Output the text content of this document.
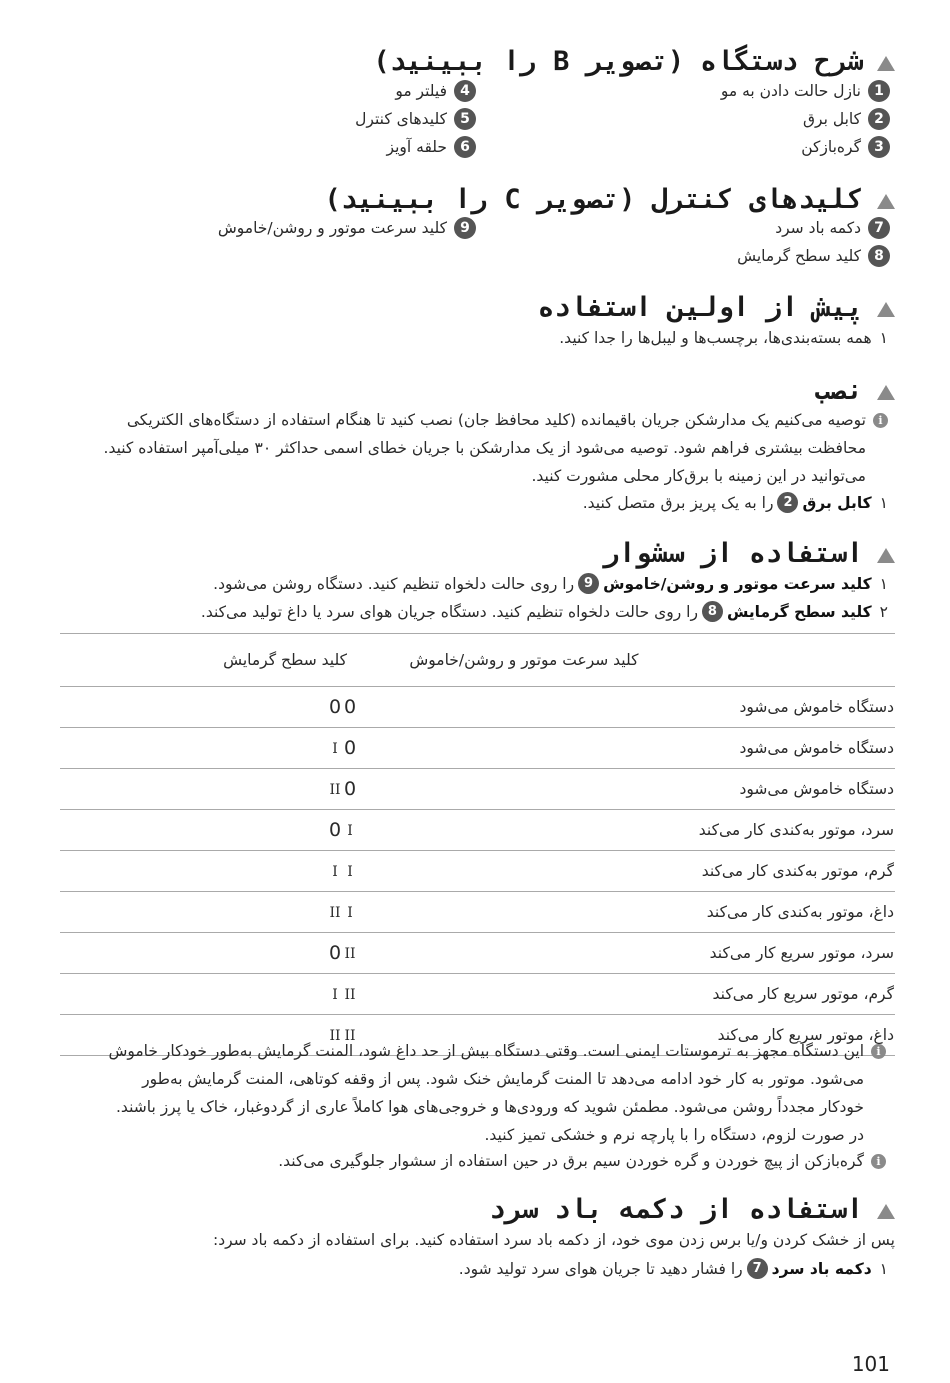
شرح دستگاه (تصویر B را ببینید)
1
نازل حالت دادن به مو
2
کابل برق
3
گره‌بازکن
4
فیلتر مو
5
کلیدهای کنترل
6
حلقه آویز
کلیدهای کنترل (تصویر C را ببینید)
7
دکمه باد سرد
8
کلید سطح گرمایش
9
کلید سرعت موتور و روشن/خاموش
پیش از اولین استفاده
۱
همه بسته‌بندی‌ها، برچسب‌ها و لیبل‌ها را جدا کنید.
نصب
i
توصیه می‌کنیم یک مدارشکن جریان باقیمانده (کلید محافظ جان) نصب کنید تا هنگام استفاده از دستگاه‌های الکتریکی
محافظت بیشتری فراهم شود. توصیه می‌شود از یک مدارشکن با جریان خطای اسمی حداکثر ۳۰ میلی‌آمپر استفاده کنید.
می‌توانید در این زمینه با برق‌کار محلی مشورت کنید.
۱
کابل برق
2
را به یک پریز برق متصل کنید.
استفاده از سشوار
۱
کلید سرعت موتور و روشن/خاموش
9
را روی حالت دلخواه تنظیم کنید. دستگاه روشن می‌شود.
۲
کلید سطح گرمایش
8
را روی حالت دلخواه تنظیم کنید. دستگاه جریان هوای سرد یا داغ تولید می‌کند.
	کلید سرعت موتور و روشن/خاموش	کلید سطح گرمایش
دستگاه خاموش می‌شود	0	0
دستگاه خاموش می‌شود	0	I
دستگاه خاموش می‌شود	0	II
سرد، موتور به‌کندی کار می‌کند	I	0
گرم، موتور به‌کندی کار می‌کند	I	I
داغ، موتور به‌کندی کار می‌کند	I	II
سرد، موتور سریع کار می‌کند	II	0
گرم، موتور سریع کار می‌کند	II	I
داغ، موتور سریع کار می‌کند	II	II
i
این دستگاه مجهز به ترموستات ایمنی است. وقتی دستگاه بیش از حد داغ شود، المنت گرمایش به‌طور خودکار خاموش
می‌شود. موتور به کار خود ادامه می‌دهد تا المنت گرمایش خنک شود. پس از وقفه کوتاهی، المنت گرمایش به‌طور
خودکار مجدداً روشن می‌شود. مطمئن شوید که ورودی‌ها و خروجی‌های هوا کاملاً عاری از گردوغبار، خاک یا پرز باشند.
در صورت لزوم، دستگاه را با پارچه نرم و خشکی تمیز کنید.
i
گره‌بازکن از پیچ خوردن و گره خوردن سیم برق در حین استفاده از سشوار جلوگیری می‌کند.
استفاده از دکمه باد سرد
پس از خشک کردن و/یا برس زدن موی خود، از دکمه باد سرد استفاده کنید. برای استفاده از دکمه باد سرد:
۱
دکمه باد سرد
7
را فشار دهید تا جریان هوای سرد تولید شود.
101
